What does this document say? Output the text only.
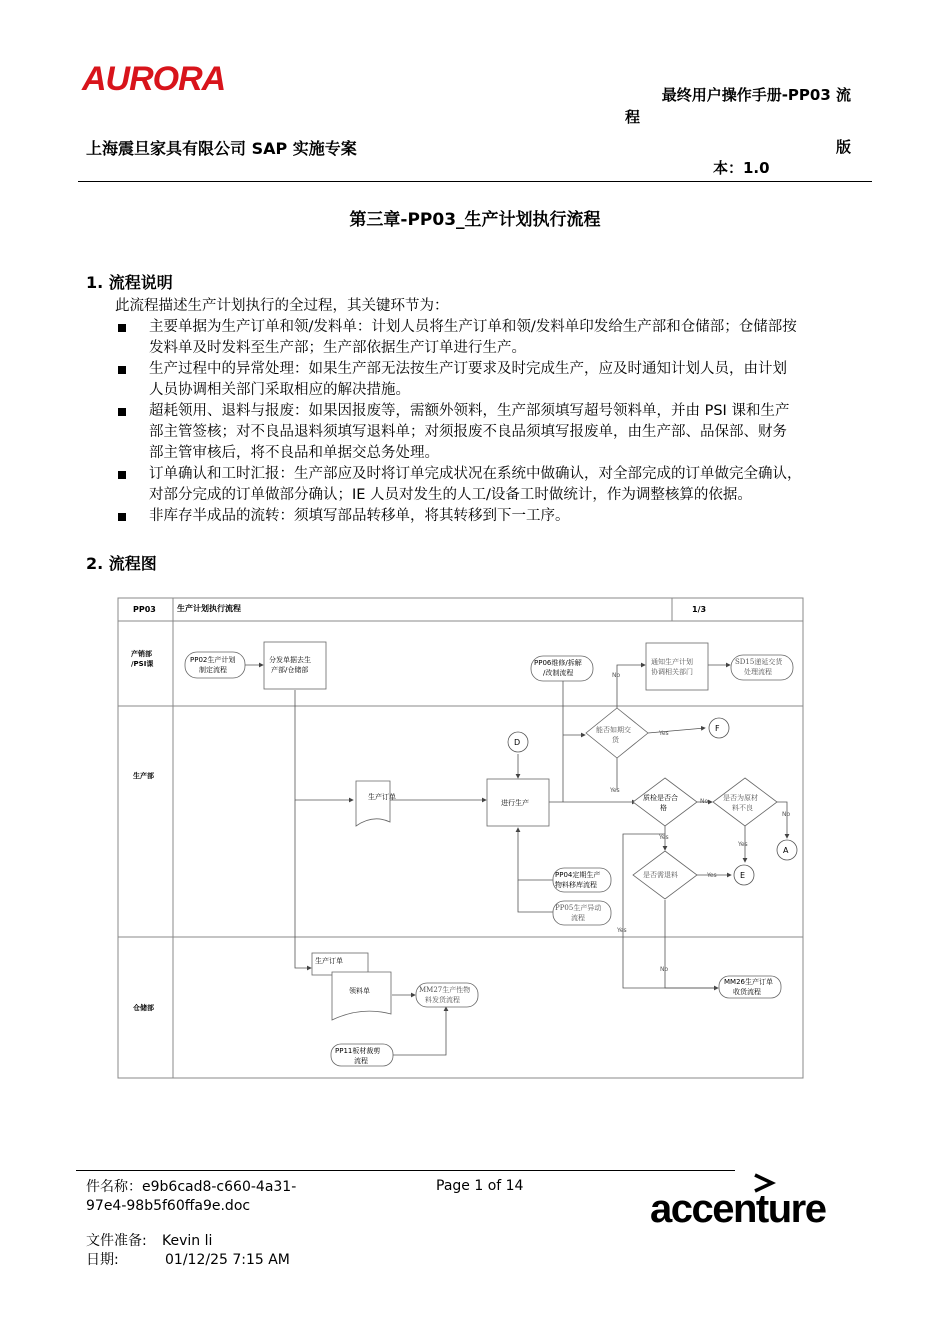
AURORA	最终用户操作手册-PP03 流
程
上海震旦家具有限公司 SAP 实施专案	版
本：1.0
第三章-PP03_生产计划执行流程
1. 流程说明
此流程描述生产计划执行的全过程，其关键环节为：
主要单据为生产订单和领/发料单：计划人员将生产订单和领/发料单印发给生产部和仓储部；仓储部按
发料单及时发料至生产部；生产部依据生产订单进行生产。
生产过程中的异常处理：如果生产部无法按生产订要求及时完成生产，应及时通知计划人员，由计划
人员协调相关部门采取相应的解决措施。
超耗领用、退料与报废：如果因报废等，需额外领料，生产部须填写超号领料单，并由 PSI 课和生产
部主管签核；对不良品退料须填写退料单；对须报废不良品须填写报废单，由生产部、品保部、财务
部主管审核后，将不良品和单据交总务处理。
订单确认和工时汇报：生产部应及时将订单完成状况在系统中做确认，对全部完成的订单做完全确认，
对部分完成的订单做部分确认；IE 人员对发生的人工/设备工时做统计，作为调整核算的依据。
非库存半成品的流转：须填写部品转移单，将其转移到下一工序。
2. 流程图
PP03	生产计划执行流程	1/3
产销部
/PSI课
生产部
仓储部
PP02生产计划
制定流程
分发单据去生
产部/仓储部
PP06维修/拆解
/改制流程
通知生产计划
协调相关部门
SD15递延交货
处理流程
No
D
能否如期交
货
Yes
F
生产订单
进行生产
Yes
质检是否合
格
No 是否为原材
料不良
No
Yes
A
Yes
PP04定期生产
物料移库流程
是否需退料	Yes	E
PP05生产异动
流程
Yes
No
生产订单
领料单	MM27生产性物
料发货流程
MM26生产订单
收货流程
PP11板材裁剪
流程
件名称：e9b6cad8-c660-4a31-
97e4-98b5f60ffa9e.doc
Page 1 of 14
文件准备: Kevin li
日期:	01/12/25 7:15 AM
accenture
